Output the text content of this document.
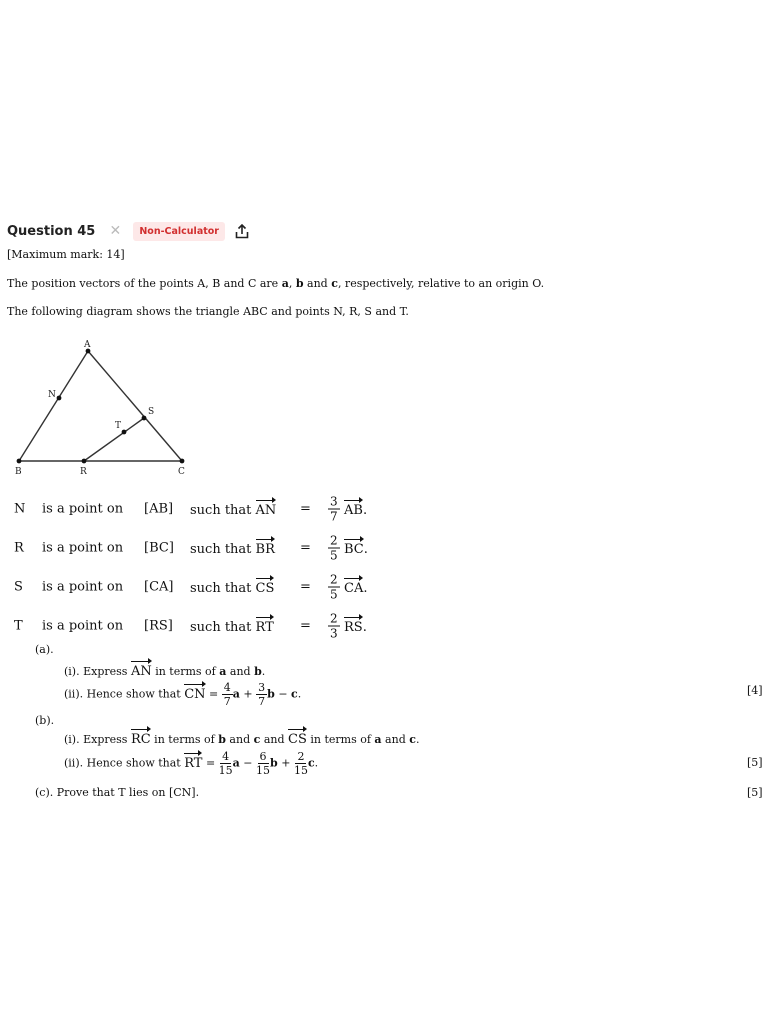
Question 45 ✕	Non-Calculator
[Maximum mark: 14]
The position vectors of the points A, B and C are a, b and c, respectively, relative to an origin O.
The following diagram shows the triangle ABC and points N, R, S and T.
A
B	C
N
R
S
T
N is a point on [AB] such that AN = $\frac{3}{7}$ AB.
R is a point on [BC] such that BR = $\frac{2}{5}$ BC.
S is a point on [CA] such that CS = $\frac{2}{5}$ CA.
T is a point on [RS] such that RT = $\frac{2}{3}$ RS.
(a).
(i). Express AN in terms of a and b.
(ii). Hence show that CN = $\frac{4}{7}$ $a + \frac{3}{7}$ b − c.	[4]
(b).
(i). Express RC in terms of b and c and CS in terms of a and c.
(ii). Hence show that RT = $\frac{4}{15}$ $a - \frac{6}{15}$ $b + \frac{2}{15} c$.	[5]
(c). Prove that T lies on [CN].	[5]
